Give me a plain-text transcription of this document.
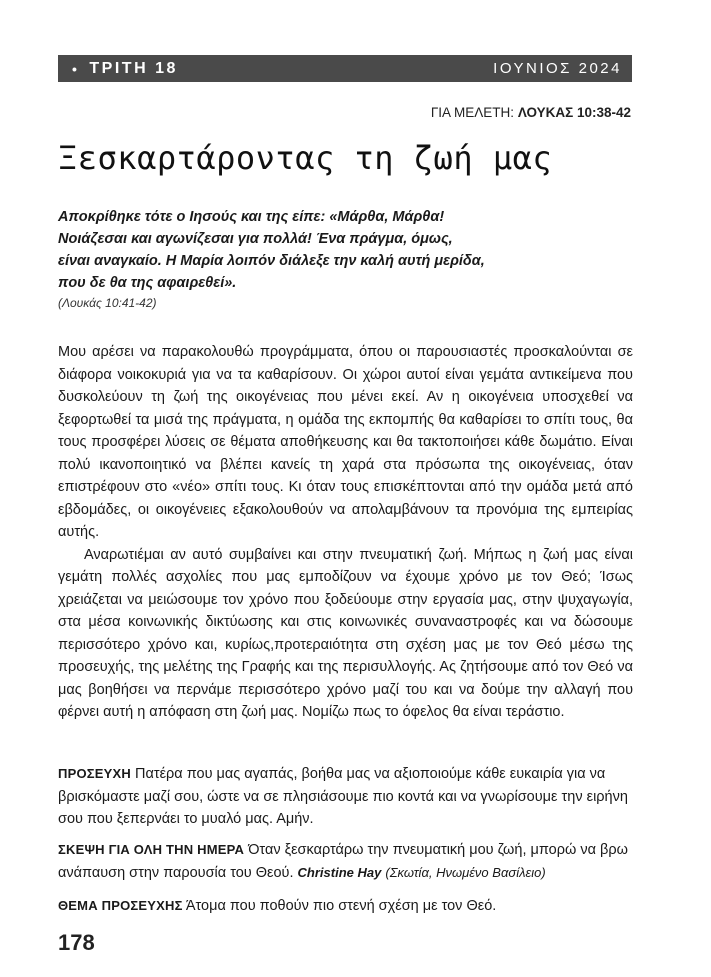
• ΤΡΙΤΗ 18	ΙΟΥΝΙΟΣ 2024
ΓΙΑ ΜΕΛΕΤΗ: ΛΟΥΚΑΣ 10:38-42
Ξεσκαρτάροντας τη ζωή μας
Αποκρίθηκε τότε ο Ιησούς και της είπε: «Μάρθα, Μάρθα!
Νοιάζεσαι και αγωνίζεσαι για πολλά! Ένα πράγμα, όμως,
είναι αναγκαίο. Η Μαρία λοιπόν διάλεξε την καλή αυτή μερίδα,
που δε θα της αφαιρεθεί».
(Λουκάς 10:41-42)

Μου αρέσει να παρακολουθώ προγράμματα, όπου οι παρουσιαστές προσκαλούνται σε διάφορα νοικοκυριά για να τα καθαρίσουν. Οι χώροι αυτοί είναι γεμάτα αντικείμενα που δυσκολεύουν τη ζωή της οικογένειας που μένει εκεί. Αν η οικογένεια υποσχεθεί να ξεφορτωθεί τα μισά της πράγματα, η ομάδα της εκπομπής θα καθαρίσει το σπίτι τους, θα τους προσφέρει λύσεις σε θέματα αποθήκευσης και θα τακτοποιήσει κάθε δωμάτιο. Είναι πολύ ικανοποιητικό να βλέπει κανείς τη χαρά στα πρόσωπα της οικογένειας, όταν επιστρέφουν στο «νέο» σπίτι τους. Κι όταν τους επισκέπτονται από την ομάδα μετά από εβδομάδες, οι οικογένειες εξακολουθούν να απολαμβάνουν τα προνόμια της εμπειρίας αυτής.

Αναρωτιέμαι αν αυτό συμβαίνει και στην πνευματική ζωή. Μήπως η ζωή μας είναι γεμάτη πολλές ασχολίες που μας εμποδίζουν να έχουμε χρόνο με τον Θεό; Ίσως χρειάζεται να μειώσουμε τον χρόνο που ξοδεύουμε στην εργασία μας, στην ψυχαγωγία, στα μέσα κοινωνικής δικτύωσης και στις κοινωνικές συναναστροφές και να δώσουμε περισσότερο χρόνο και, κυρίως,προτεραιότητα στη σχέση μας με τον Θεό μέσω της προσευχής, της μελέτης της Γραφής και της περισυλλογής. Ας ζητήσουμε από τον Θεό να μας βοηθήσει να περνάμε περισσότερο χρόνο μαζί του και να δούμε την αλλαγή που φέρνει αυτή η απόφαση στη ζωή μας. Νομίζω πως το όφελος θα είναι τεράστιο.

ΠΡΟΣΕΥΧΗ Πατέρα που μας αγαπάς, βοήθα μας να αξιοποιούμε κάθε ευκαιρία για να βρισκόμαστε μαζί σου, ώστε να σε πλησιάσουμε πιο κοντά και να γνωρίσουμε την ειρήνη σου που ξεπερνάει το μυαλό μας. Αμήν.
ΣΚΕΨΗ ΓΙΑ ΟΛΗ ΤΗΝ ΗΜΕΡΑ Όταν ξεσκαρτάρω την πνευματική μου ζωή, μπορώ να βρω ανάπαυση στην παρουσία του Θεού. Christine Hay (Σκωτία, Ηνωμένο Βασίλειο)
ΘΕΜΑ ΠΡΟΣΕΥΧΗΣ Άτομα που ποθούν πιο στενή σχέση με τον Θεό.
178
